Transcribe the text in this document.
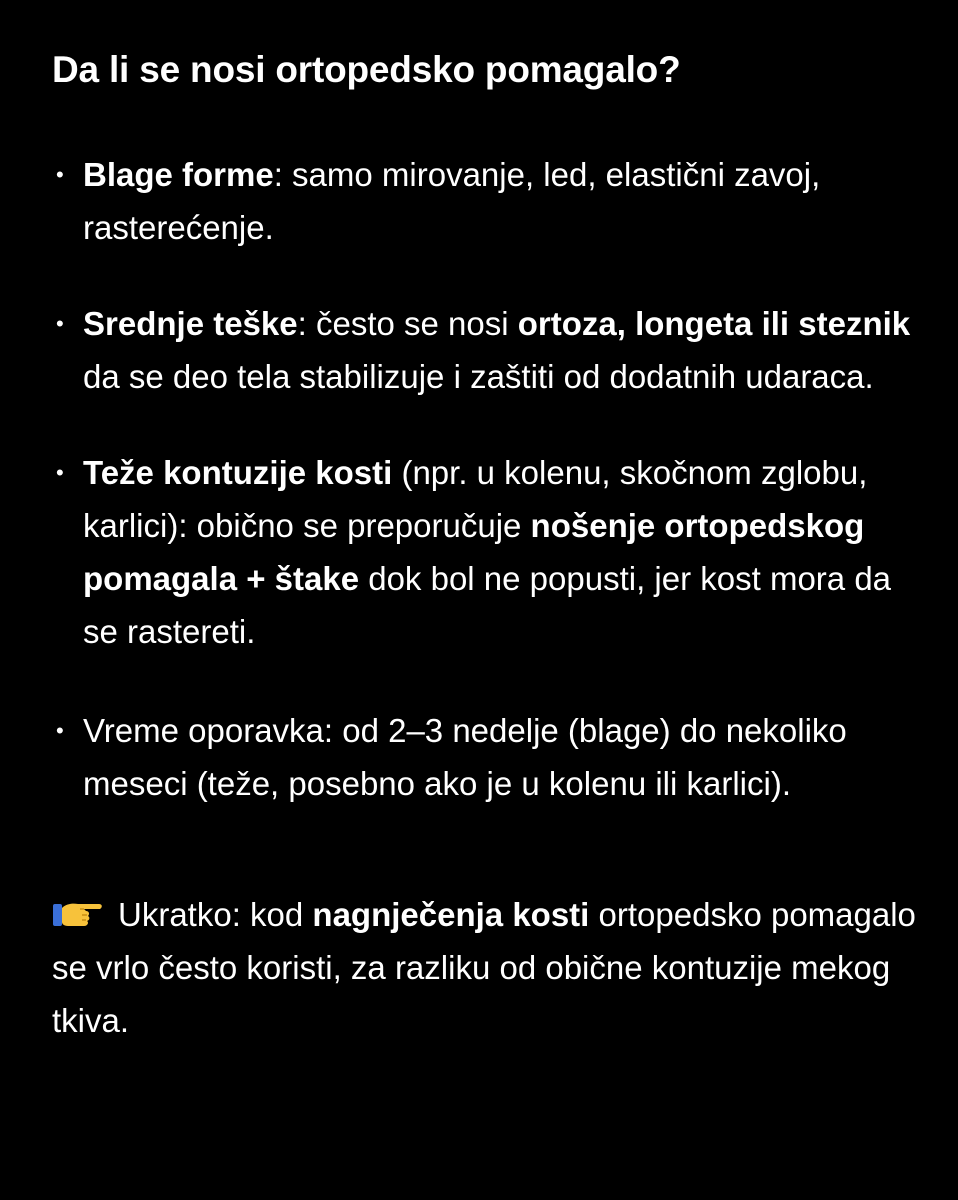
Da li se nosi ortopedsko pomagalo?
• Blage forme: samo mirovanje, led, elastični zavoj, rasterećenje.
• Srednje teške: često se nosi ortoza, longeta ili steznik da se deo tela stabilizuje i zaštiti od dodatnih udaraca.
• Teže kontuzije kosti (npr. u kolenu, skočnom zglobu, karlici): obično se preporučuje nošenje ortopedskog pomagala + štake dok bol ne popusti, jer kost mora da se rastereti.
• Vreme oporavka: od 2–3 nedelje (blage) do nekoliko meseci (teže, posebno ako je u kolenu ili karlici).

Ukratko: kod nagnječenja kosti ortopedsko pomagalo se vrlo često koristi, za razliku od obične kontuzije mekog tkiva.
